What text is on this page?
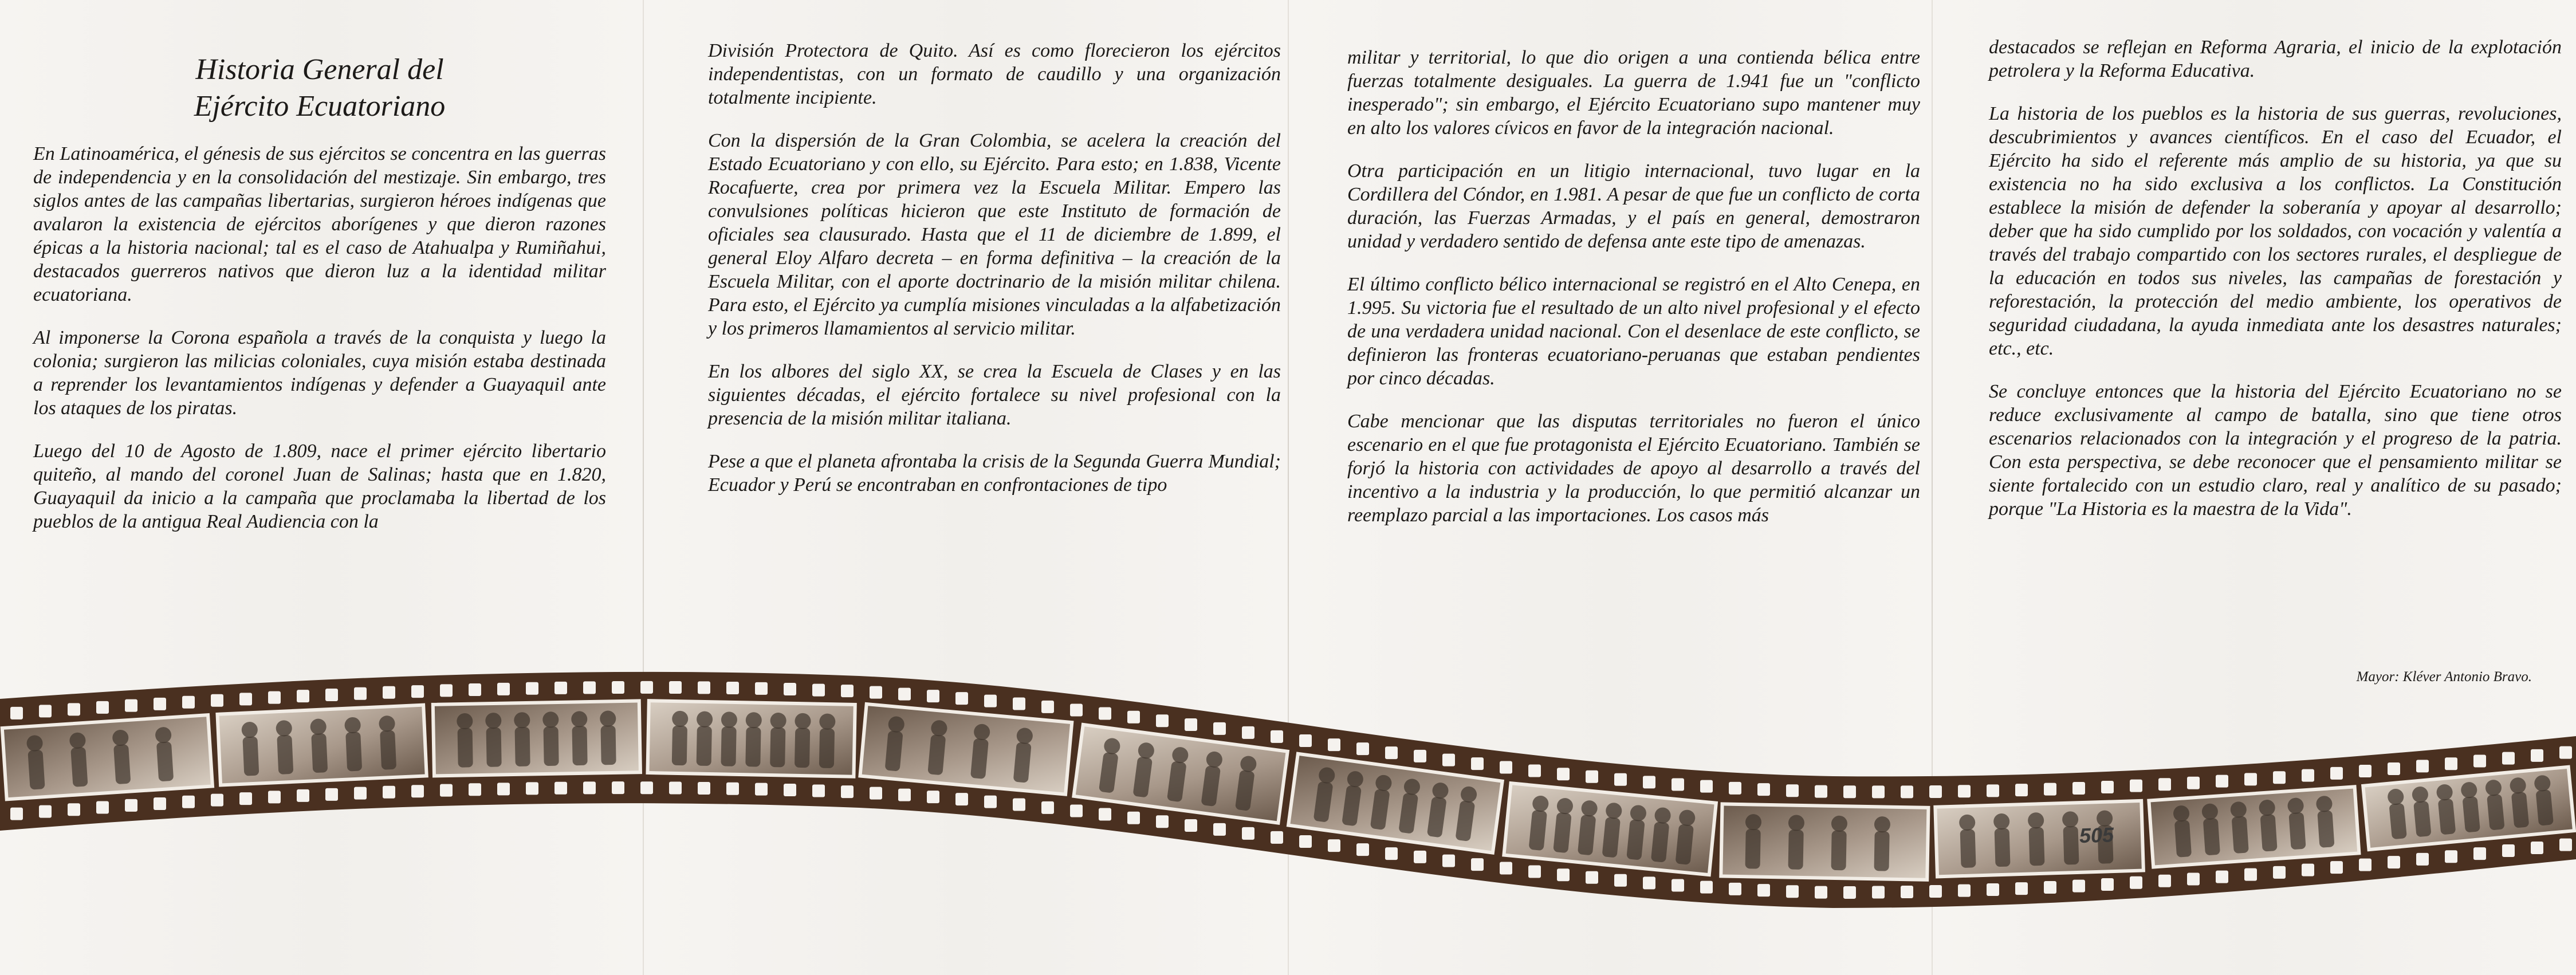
Historia General del
Ejército Ecuatoriano

En Latinoamérica, el génesis de sus ejércitos se concentra en las guerras de independencia y en la consolidación del mestizaje. Sin embargo, tres siglos antes de las campañas libertarias, surgieron héroes indígenas que avalaron la existencia de ejércitos aborígenes y que dieron razones épicas a la historia nacional; tal es el caso de Atahualpa y Rumiñahui, destacados guerreros nativos que dieron luz a la identidad militar ecuatoriana.

Al imponerse la Corona española a través de la conquista y luego la colonia; surgieron las milicias coloniales, cuya misión estaba destinada a reprender los levantamientos indígenas y defender a Guayaquil ante los ataques de los piratas.

Luego del 10 de Agosto de 1.809, nace el primer ejército libertario quiteño, al mando del coronel Juan de Salinas; hasta que en 1.820, Guayaquil da inicio a la campaña que proclamaba la libertad de los pueblos de la antigua Real Audiencia con la

División Protectora de Quito. Así es como florecieron los ejércitos independentistas, con un formato de caudillo y una organización totalmente incipiente.

Con la dispersión de la Gran Colombia, se acelera la creación del Estado Ecuatoriano y con ello, su Ejército. Para esto; en 1.838, Vicente Rocafuerte, crea por primera vez la Escuela Militar. Empero las convulsiones políticas hicieron que este Instituto de formación de oficiales sea clausurado. Hasta que el 11 de diciembre de 1.899, el general Eloy Alfaro decreta – en forma definitiva – la creación de la Escuela Militar, con el aporte doctrinario de la misión militar chilena. Para esto, el Ejército ya cumplía misiones vinculadas a la alfabetización y los primeros llamamientos al servicio militar.

En los albores del siglo XX, se crea la Escuela de Clases y en las siguientes décadas, el ejército fortalece su nivel profesional con la presencia de la misión militar italiana.

Pese a que el planeta afrontaba la crisis de la Segunda Guerra Mundial; Ecuador y Perú se encontraban en confrontaciones de tipo

militar y territorial, lo que dio origen a una contienda bélica entre fuerzas totalmente desiguales. La guerra de 1.941 fue un "conflicto inesperado"; sin embargo, el Ejército Ecuatoriano supo mantener muy en alto los valores cívicos en favor de la integración nacional.

Otra participación en un litigio internacional, tuvo lugar en la Cordillera del Cóndor, en 1.981. A pesar de que fue un conflicto de corta duración, las Fuerzas Armadas, y el país en general, demostraron unidad y verdadero sentido de defensa ante este tipo de amenazas.

El último conflicto bélico internacional se registró en el Alto Cenepa, en 1.995. Su victoria fue el resultado de un alto nivel profesional y el efecto de una verdadera unidad nacional. Con el desenlace de este conflicto, se definieron las fronteras ecuatoriano-peruanas que estaban pendientes por cinco décadas.

Cabe mencionar que las disputas territoriales no fueron el único escenario en el que fue protagonista el Ejército Ecuatoriano. También se forjó la historia con actividades de apoyo al desarrollo a través del incentivo a la industria y la producción, lo que permitió alcanzar un reemplazo parcial a las importaciones. Los casos más

destacados se reflejan en Reforma Agraria, el inicio de la explotación petrolera y la Reforma Educativa.

La historia de los pueblos es la historia de sus guerras, revoluciones, descubrimientos y avances científicos. En el caso del Ecuador, el Ejército ha sido el referente más amplio de su historia, ya que su existencia no ha sido exclusiva a los conflictos. La Constitución establece la misión de defender la soberanía y apoyar al desarrollo; deber que ha sido cumplido por los soldados, con vocación y valentía a través del trabajo compartido con los sectores rurales, el despliegue de la educación en todos sus niveles, las campañas de forestación y reforestación, la protección del medio ambiente, los operativos de seguridad ciudadana, la ayuda inmediata ante los desastres naturales; etc., etc.

Se concluye entonces que la historia del Ejército Ecuatoriano no se reduce exclusivamente al campo de batalla, sino que tiene otros escenarios relacionados con la integración y el progreso de la patria. Con esta perspectiva, se debe reconocer que el pensamiento militar se siente fortalecido con un estudio claro, real y analítico de su pasado; porque "La Historia es la maestra de la Vida".

Mayor: Kléver Antonio Bravo.
505
